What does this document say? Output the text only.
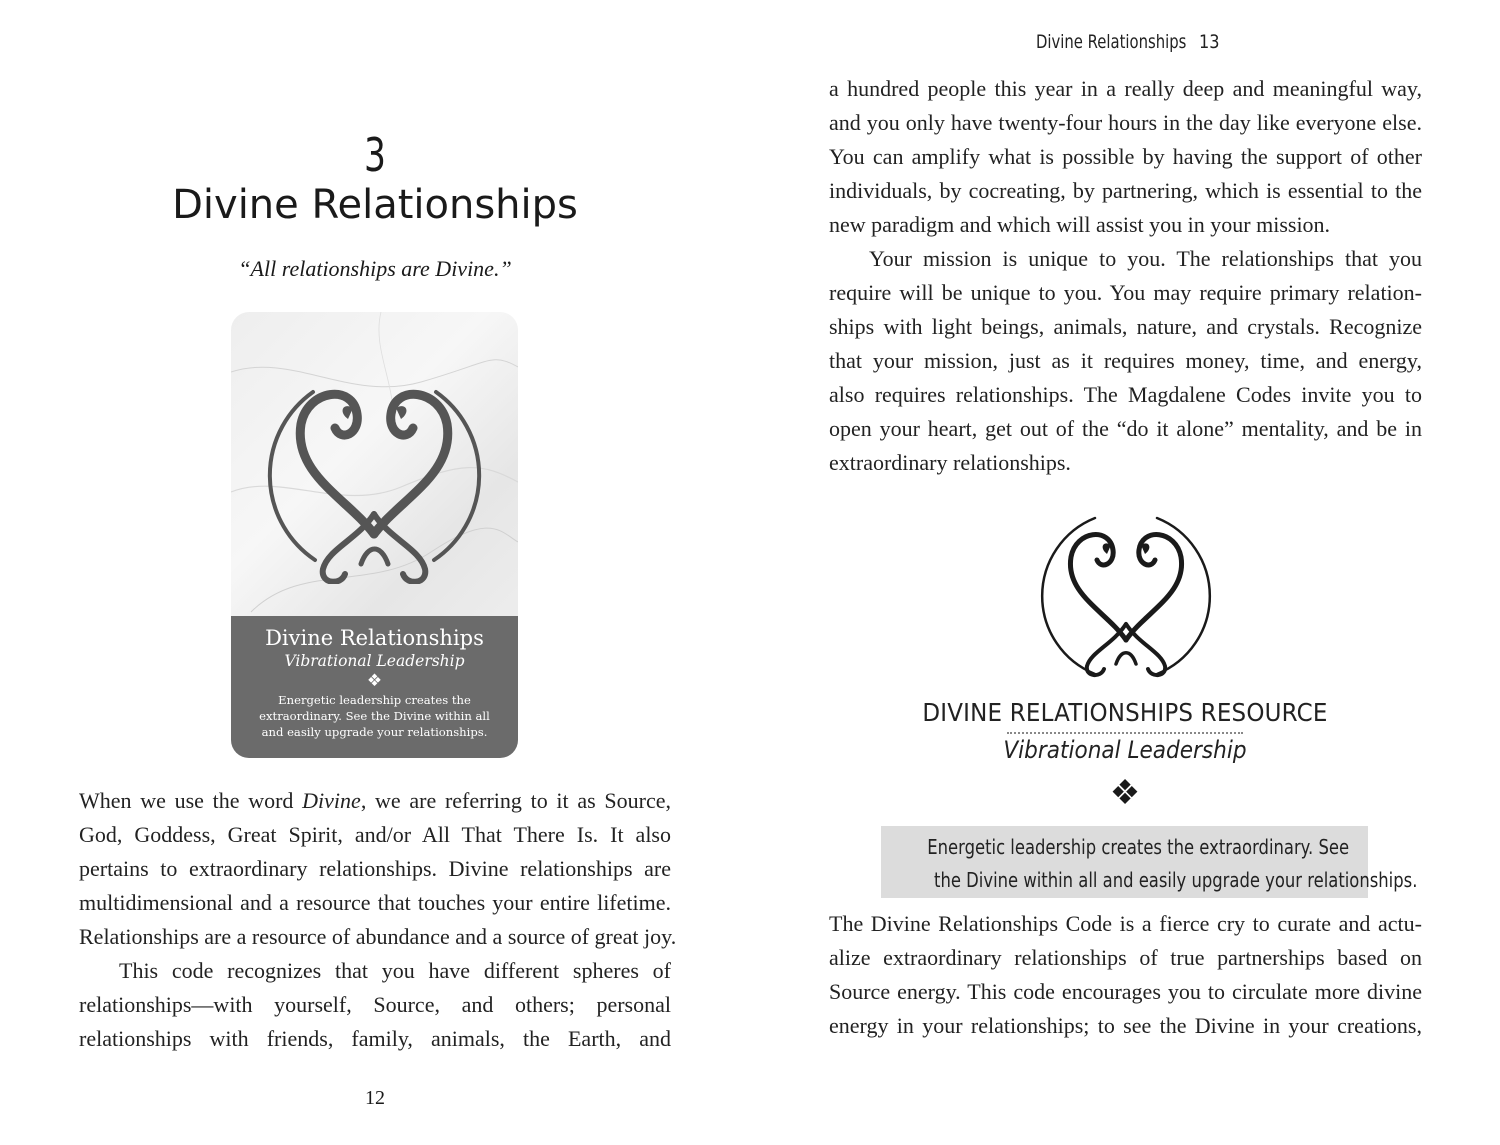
3
Divine Relationships
“All relationships are Divine.”
Divine Relationships
Vibrational Leadership
❖
Energetic leadership creates the
extraordinary. See the Divine within all
and easily upgrade your relationships.

When we use the word Divine, we are referring to it as Source,
God, Goddess, Great Spirit, and/or All That There Is. It also
pertains to extraordinary relationships. Divine relationships are
multidimensional and a resource that touches your entire lifetime.
Relationships are a resource of abundance and a source of great joy.

This code recognizes that you have different spheres of
relationships—with yourself, Source, and others; personal
relationships with friends, family, animals, the Earth, and

12
Divine Relationships 13

a hundred people this year in a really deep and meaningful way,
and you only have twenty-four hours in the day like everyone else.
You can amplify what is possible by having the support of other
individuals, by cocreating, by partnering, which is essential to the
new paradigm and which will assist you in your mission.

Your mission is unique to you. The relationships that you
require will be unique to you. You may require primary relation-
ships with light beings, animals, nature, and crystals. Recognize
that your mission, just as it requires money, time, and energy,
also requires relationships. The Magdalene Codes invite you to
open your heart, get out of the “do it alone” mentality, and be in
extraordinary relationships.

DIVINE RELATIONSHIPS RESOURCE
Vibrational Leadership
❖
Energetic leadership creates the extraordinary. See
the Divine within all and easily upgrade your relationships.

The Divine Relationships Code is a fierce cry to curate and actu-
alize extraordinary relationships of true partnerships based on
Source energy. This code encourages you to circulate more divine
energy in your relationships; to see the Divine in your creations,
